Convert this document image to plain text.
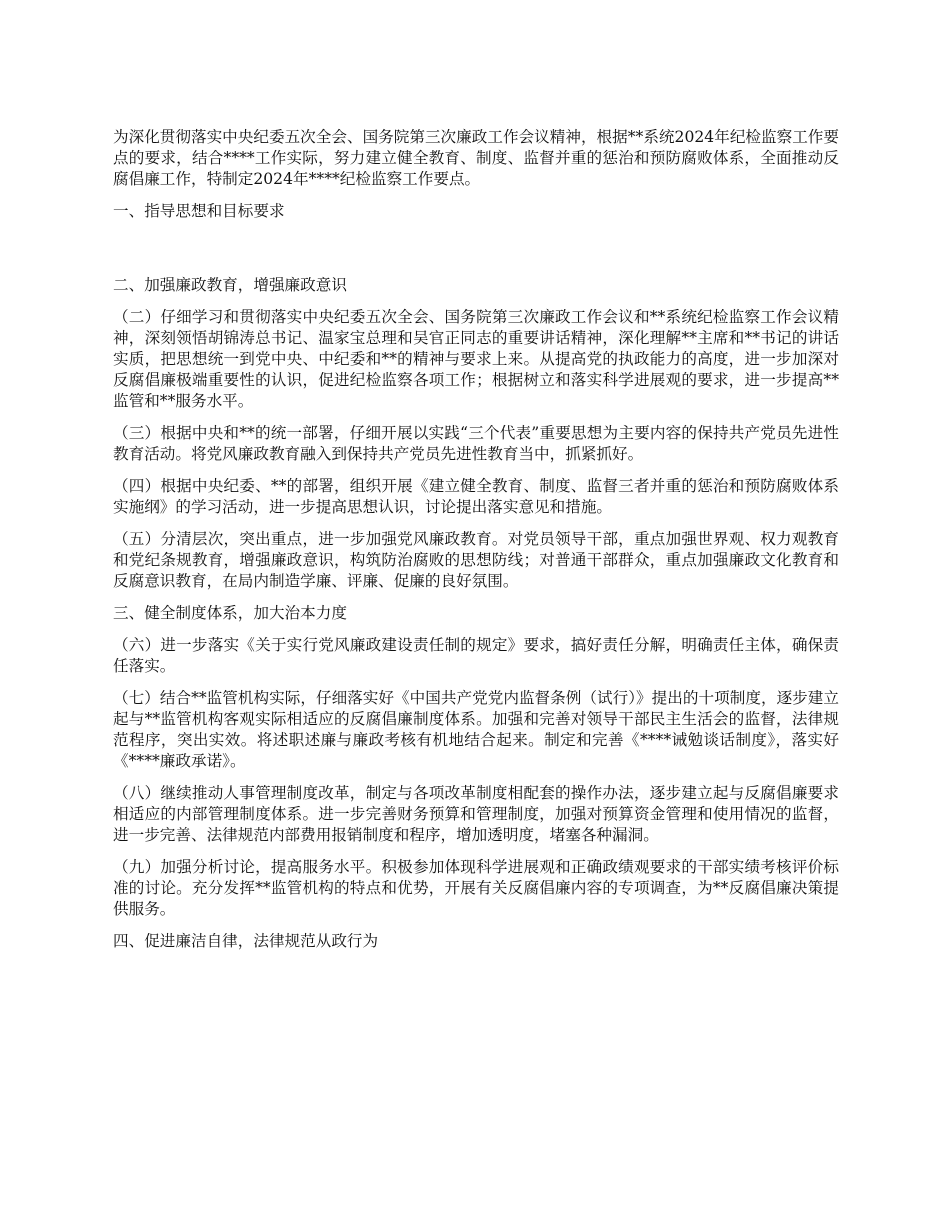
为深化贯彻落实中央纪委五次全会、国务院第三次廉政工作会议精神，根据**系统2024年纪检监察工作要点的要求，结合****工作实际，努力建立健全教育、制度、监督并重的惩治和预防腐败体系，全面推动反腐倡廉工作，特制定2024年****纪检监察工作要点。

一、指导思想和目标要求

二、加强廉政教育，增强廉政意识

（二）仔细学习和贯彻落实中央纪委五次全会、国务院第三次廉政工作会议和**系统纪检监察工作会议精神，深刻领悟胡锦涛总书记、温家宝总理和吴官正同志的重要讲话精神，深化理解**主席和**书记的讲话实质，把思想统一到党中央、中纪委和**的精神与要求上来。从提高党的执政能力的高度，进一步加深对反腐倡廉极端重要性的认识，促进纪检监察各项工作；根据树立和落实科学进展观的要求，进一步提高**监管和**服务水平。

（三）根据中央和**的统一部署，仔细开展以实践“三个代表”重要思想为主要内容的保持共产党员先进性教育活动。将党风廉政教育融入到保持共产党员先进性教育当中，抓紧抓好。

（四）根据中央纪委、**的部署，组织开展《建立健全教育、制度、监督三者并重的惩治和预防腐败体系实施纲》的学习活动，进一步提高思想认识，讨论提出落实意见和措施。

（五）分清层次，突出重点，进一步加强党风廉政教育。对党员领导干部，重点加强世界观、权力观教育和党纪条规教育，增强廉政意识，构筑防治腐败的思想防线；对普通干部群众，重点加强廉政文化教育和反腐意识教育，在局内制造学廉、评廉、促廉的良好氛围。

三、健全制度体系，加大治本力度

（六）进一步落实《关于实行党风廉政建设责任制的规定》要求，搞好责任分解，明确责任主体，确保责任落实。

（七）结合**监管机构实际，仔细落实好《中国共产党党内监督条例（试行）》提出的十项制度，逐步建立起与**监管机构客观实际相适应的反腐倡廉制度体系。加强和完善对领导干部民主生活会的监督，法律规范程序，突出实效。将述职述廉与廉政考核有机地结合起来。制定和完善《****诫勉谈话制度》，落实好《****廉政承诺》。

（八）继续推动人事管理制度改革，制定与各项改革制度相配套的操作办法，逐步建立起与反腐倡廉要求相适应的内部管理制度体系。进一步完善财务预算和管理制度，加强对预算资金管理和使用情况的监督，进一步完善、法律规范内部费用报销制度和程序，增加透明度，堵塞各种漏洞。

（九）加强分析讨论，提高服务水平。积极参加体现科学进展观和正确政绩观要求的干部实绩考核评价标准的讨论。充分发挥**监管机构的特点和优势，开展有关反腐倡廉内容的专项调查，为**反腐倡廉决策提供服务。

四、促进廉洁自律，法律规范从政行为
